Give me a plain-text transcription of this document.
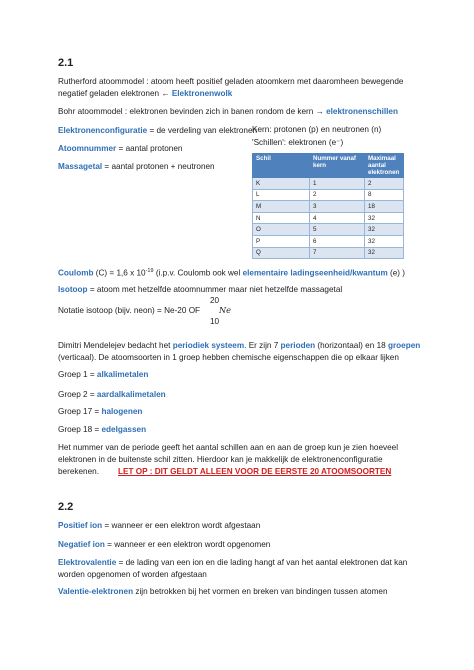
2.1
Rutherford atoommodel : atoom heeft positief geladen atoomkern met daaromheen bewegende
negatief geladen elektronen ← Elektronenwolk
Bohr atoommodel : elektronen bevinden zich in banen rondom de kern → elektronenschillen
Elektronenconfiguratie = de verdeling van elektronen
Atoomnummer = aantal protonen
Massagetal = aantal protonen + neutronen
Kern: protonen (p) en neutronen (n)
'Schillen': elektronen (e⁻)
Schil	Nummer vanaf kern	Maximaal aantal elektronen
K	1	2
L	2	8
M	3	18
N	4	32
O	5	32
P	6	32
Q	7	32
Coulomb (C) = 1,6 x $10^{-19}$ (i.p.v. Coulomb ook wel elementaire ladingseenheid/kwantum (e) )
Isotoop = atoom met hetzelfde atoomnummer maar niet hetzelfde massagetal
Notatie isotoop (bijv. neon) = Ne-20 OF
20
Ne
10
Dimitri Mendelejev bedacht het periodiek systeem. Er zijn 7 perioden (horizontaal) en 18 groepen
(verticaal). De atoomsoorten in 1 groep hebben chemische eigenschappen die op elkaar lijken
Groep 1 = alkalimetalen
Groep 2 = aardalkalimetalen
Groep 17 = halogenen
Groep 18 = edelgassen
Het nummer van de periode geeft het aantal schillen aan en aan de groep kun je zien hoeveel
elektronen in de buitenste schil zitten. Hierdoor kan je makkelijk de elektronenconfiguratie
berekenen. LET OP : DIT GELDT ALLEEN VOOR DE EERSTE 20 ATOOMSOORTEN
2.2
Positief ion = wanneer er een elektron wordt afgestaan
Negatief ion = wanneer er een elektron wordt opgenomen
Elektrovalentie = de lading van een ion en die lading hangt af van het aantal elektronen dat kan
worden opgenomen of worden afgestaan
Valentie-elektronen zijn betrokken bij het vormen en breken van bindingen tussen atomen
